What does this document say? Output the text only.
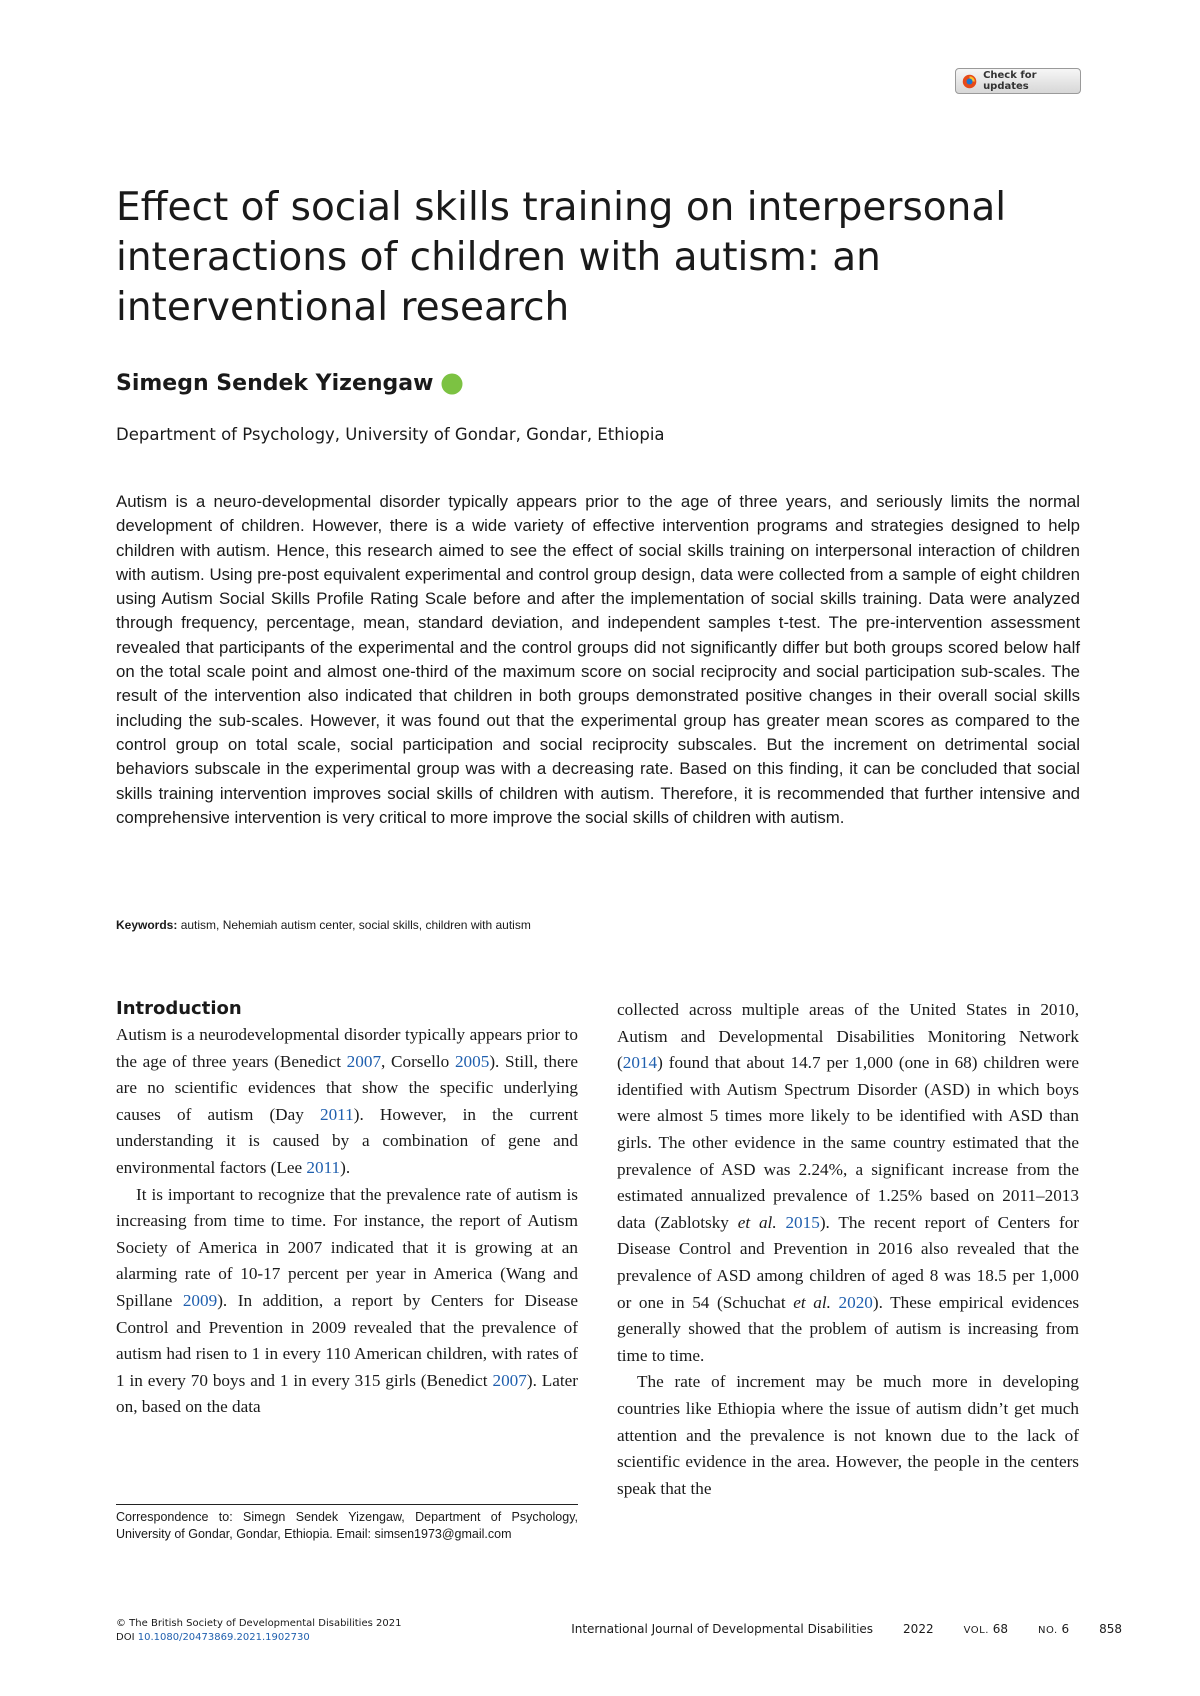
Check for updates
Effect of social skills training on interpersonal interactions of children with autism: an interventional research
Simegn Sendek Yizengaw

Department of Psychology, University of Gondar, Gondar, Ethiopia

Autism is a neuro-developmental disorder typically appears prior to the age of three years, and seriously limits the normal development of children. However, there is a wide variety of effective intervention programs and strategies designed to help children with autism. Hence, this research aimed to see the effect of social skills training on interpersonal interaction of children with autism. Using pre-post equivalent experimental and control group design, data were collected from a sample of eight children using Autism Social Skills Profile Rating Scale before and after the implementation of social skills training. Data were analyzed through frequency, percentage, mean, standard deviation, and independent samples t-test. The pre-intervention assessment revealed that participants of the experimental and the control groups did not significantly differ but both groups scored below half on the total scale point and almost one-third of the maximum score on social reciprocity and social participation sub-scales. The result of the intervention also indicated that children in both groups demonstrated positive changes in their overall social skills including the sub-scales. However, it was found out that the experimental group has greater mean scores as compared to the control group on total scale, social participation and social reciprocity subscales. But the increment on detrimental social behaviors subscale in the experimental group was with a decreasing rate. Based on this finding, it can be concluded that social skills training intervention improves social skills of children with autism. Therefore, it is recommended that further intensive and comprehensive intervention is very critical to more improve the social skills of children with autism.

Keywords: autism, Nehemiah autism center, social skills, children with autism

Introduction

Autism is a neurodevelopmental disorder typically appears prior to the age of three years (Benedict 2007, Corsello 2005). Still, there are no scientific evidences that show the specific underlying causes of autism (Day 2011). However, in the current understanding it is caused by a combination of gene and environmental factors (Lee 2011).

It is important to recognize that the prevalence rate of autism is increasing from time to time. For instance, the report of Autism Society of America in 2007 indicated that it is growing at an alarming rate of 10-17 percent per year in America (Wang and Spillane 2009). In addition, a report by Centers for Disease Control and Prevention in 2009 revealed that the prevalence of autism had risen to 1 in every 110 American children, with rates of 1 in every 70 boys and 1 in every 315 girls (Benedict 2007). Later on, based on the data

collected across multiple areas of the United States in 2010, Autism and Developmental Disabilities Monitoring Network (2014) found that about 14.7 per 1,000 (one in 68) children were identified with Autism Spectrum Disorder (ASD) in which boys were almost 5 times more likely to be identified with ASD than girls. The other evidence in the same country estimated that the prevalence of ASD was 2.24%, a significant increase from the estimated annualized prevalence of 1.25% based on 2011–2013 data (Zablotsky et al. 2015). The recent report of Centers for Disease Control and Prevention in 2016 also revealed that the prevalence of ASD among children of aged 8 was 18.5 per 1,000 or one in 54 (Schuchat et al. 2020). These empirical evidences generally showed that the problem of autism is increasing from time to time.

The rate of increment may be much more in developing countries like Ethiopia where the issue of autism didn’t get much attention and the prevalence is not known due to the lack of scientific evidence in the area. However, the people in the centers speak that the

Correspondence to: Simegn Sendek Yizengaw, Department of Psychology, University of Gondar, Gondar, Ethiopia. Email: simsen1973@gmail.com

© The British Society of Developmental Disabilities 2021
DOI 10.1080/20473869.2021.1902730
International Journal of Developmental Disabilities	2022	VOL.
68	NO.
6	858
